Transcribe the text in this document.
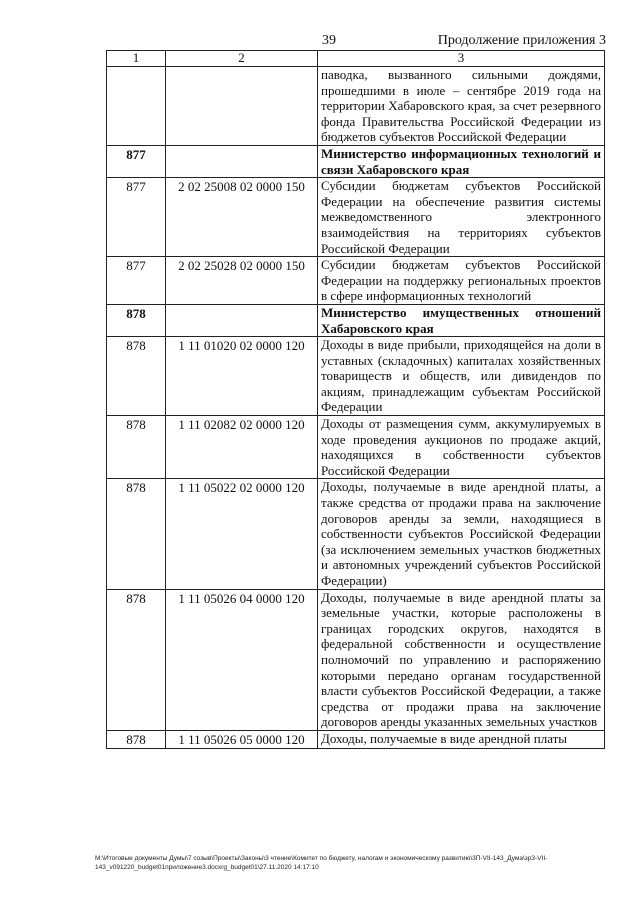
39	Продолжение приложения 3
1	2	3
		паводка, вызванного сильными дождями, прошедшими в июле – сентябре 2019 года на территории Хабаровского края, за счет резервного фонда Правительства Российской Федерации из бюджетов субъектов Российской Федерации
877		Министерство информационных технологий и связи Хабаровского края
877	2 02 25008 02 0000 150	Субсидии бюджетам субъектов Российской Федерации на обеспечение развития системы межведомственного электронного взаимодействия на территориях субъектов Российской Федерации
877	2 02 25028 02 0000 150	Субсидии бюджетам субъектов Российской Федерации на поддержку региональных проектов в сфере информационных технологий
878		Министерство имущественных отношений Хабаровского края
878	1 11 01020 02 0000 120	Доходы в виде прибыли, приходящейся на доли в уставных (складочных) капиталах хозяйственных товариществ и обществ, или дивидендов по акциям, принадлежащим субъектам Российской Федерации
878	1 11 02082 02 0000 120	Доходы от размещения сумм, аккумулируемых в ходе проведения аукционов по продаже акций, находящихся в собственности субъектов Российской Федерации
878	1 11 05022 02 0000 120	Доходы, получаемые в виде арендной платы, а также средства от продажи права на заключение договоров аренды за земли, находящиеся в собственности субъектов Российской Федерации (за исключением земельных участков бюджетных и автономных учреждений субъектов Российской Федерации)
878	1 11 05026 04 0000 120	Доходы, получаемые в виде арендной платы за земельные участки, которые расположены в границах городских округов, находятся в федеральной собственности и осуществление полномочий по управлению и распоряжению которыми передано органам государственной власти субъектов Российской Федерации, а также средства от продажи права на заключение договоров аренды указанных земельных участков
878	1 11 05026 05 0000 120	Доходы, получаемые в виде арендной платы
M:\Итоговые документы Думы\7 созыв\Проекты\Законы\3 чтение\Комитет по бюджету, налогам и экономическому развитию\3П-VII-143_Дума\зр3-VII-
143_v091220_budget01приложение3.docxrg_budget01\27.11.2020 14:17:10
